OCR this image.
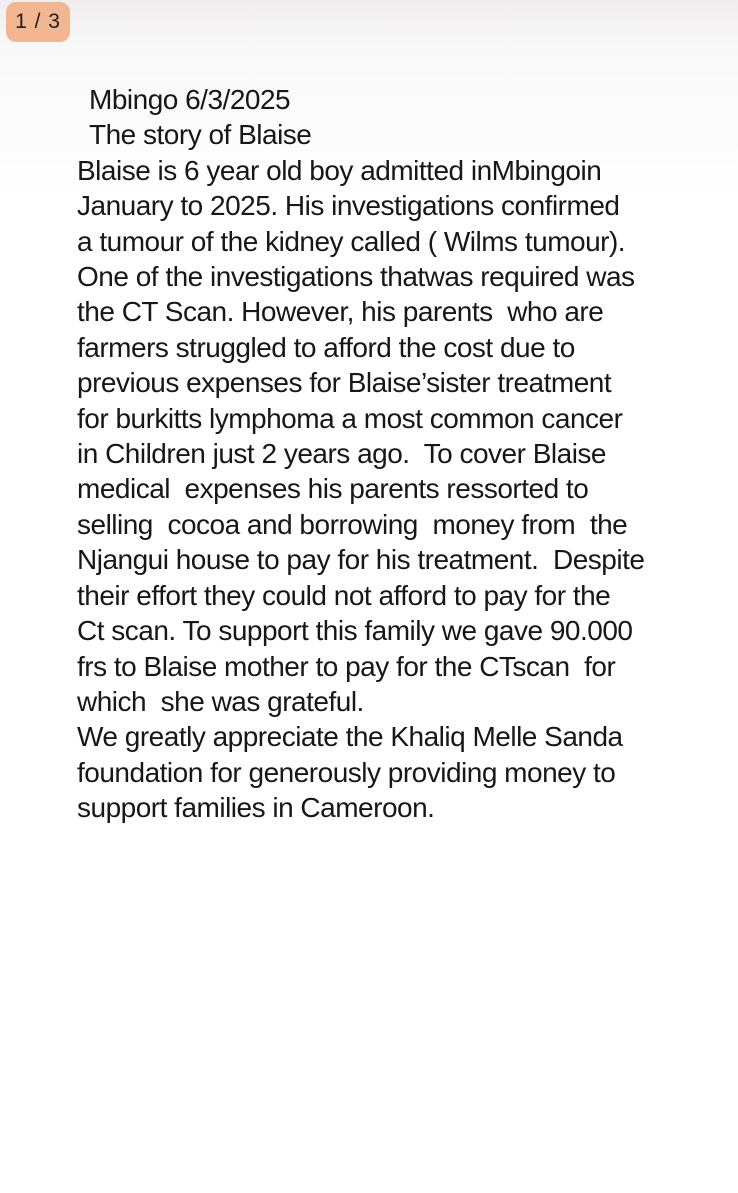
1 / 3
Mbingo 6/3/2025
The story of Blaise
Blaise is 6 year old boy admitted inMbingoin
January to 2025. His investigations confirmed
a tumour of the kidney called ( Wilms tumour).
One of the investigations thatwas required was
the CT Scan. However, his parents  who are
farmers struggled to afford the cost due to
previous expenses for Blaise’sister treatment
for burkitts lymphoma a most common cancer
in Children just 2 years ago.  To cover Blaise
medical  expenses his parents ressorted to
selling  cocoa and borrowing  money from  the
Njangui house to pay for his treatment.  Despite
their effort they could not afford to pay for the
Ct scan. To support this family we gave 90.000
frs to Blaise mother to pay for the CTscan  for
which  she was grateful.
We greatly appreciate the Khaliq Melle Sanda
foundation for generously providing money to
support families in Cameroon.
